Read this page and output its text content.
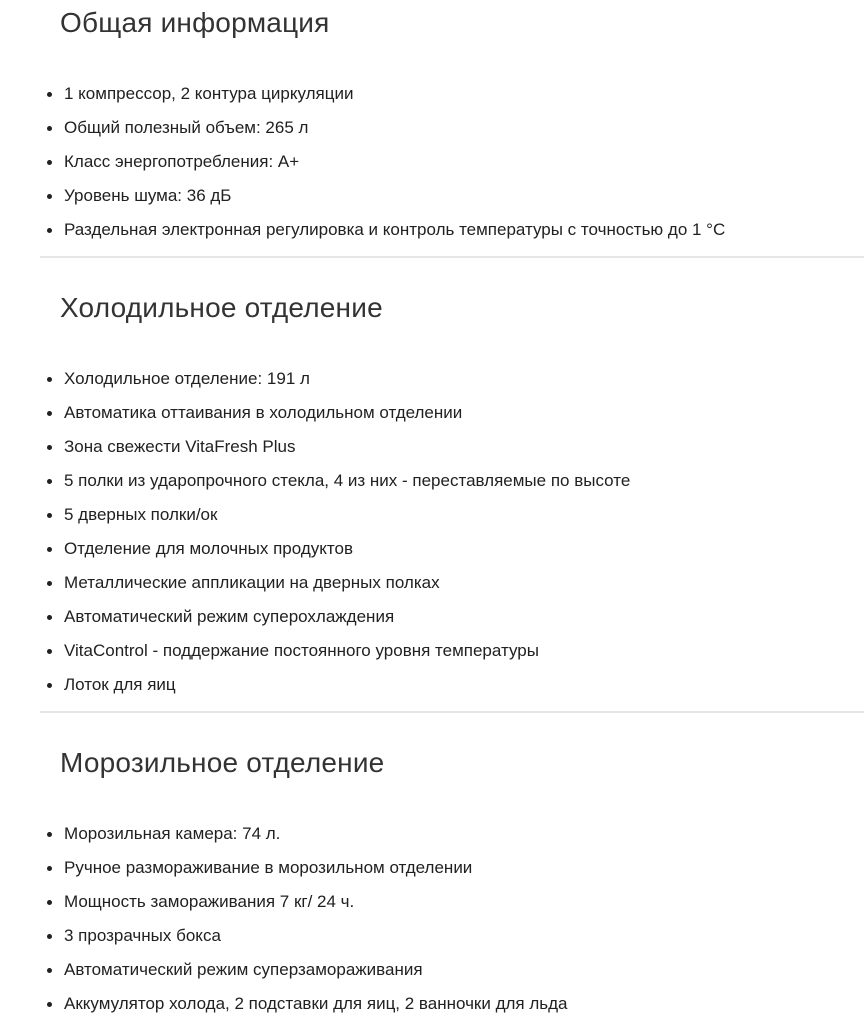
Общая информация
1 компрессор, 2 контура циркуляции
Общий полезный объем: 265 л
Класс энергопотребления: A+
Уровень шума: 36 дБ
Раздельная электронная регулировка и контроль температуры с точностью до 1 °C
Холодильное отделение
Холодильное отделение: 191 л
Автоматика оттаивания в холодильном отделении
Зона свежести VitaFresh Plus
5 полки из ударопрочного стекла, 4 из них - переставляемые по высоте
5 дверных полки/ок
Отделение для молочных продуктов
Металлические аппликации на дверных полках
Автоматический режим суперохлаждения
VitaControl - поддержание постоянного уровня температуры
Лоток для яиц
Морозильное отделение
Морозильная камера: 74 л.
Ручное размораживание в морозильном отделении
Мощность замораживания 7 кг/ 24 ч.
3 прозрачных бокса
Автоматический режим суперзамораживания
Аккумулятор холода, 2 подставки для яиц, 2 ванночки для льда
